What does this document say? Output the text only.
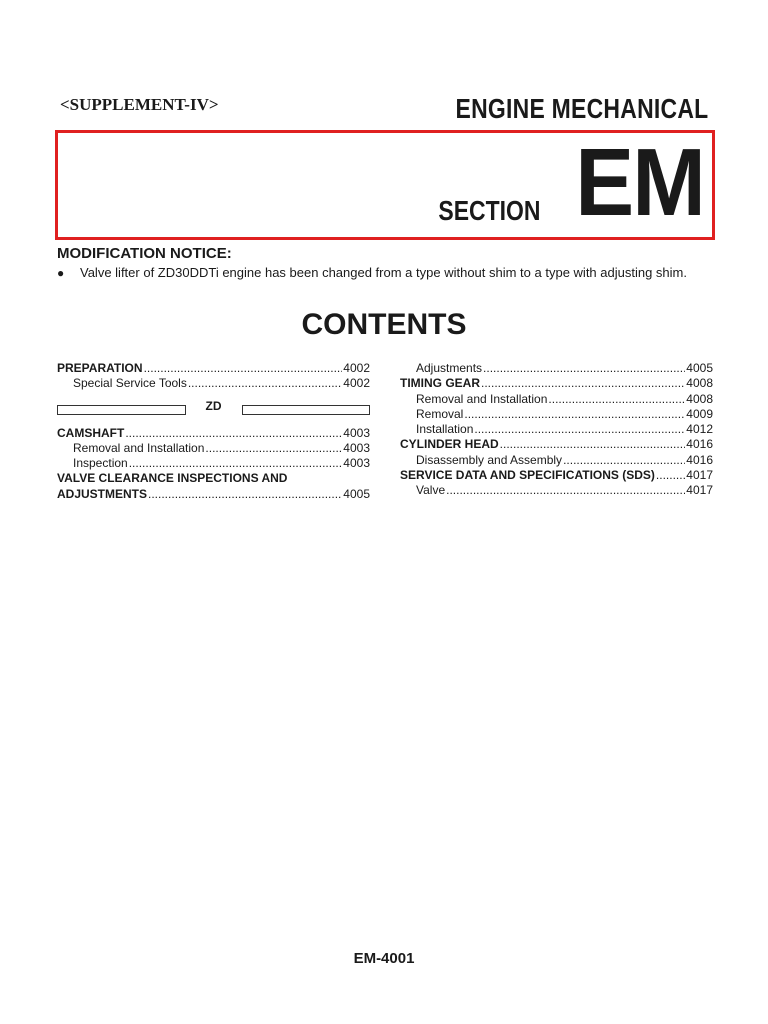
<SUPPLEMENT-IV>	ENGINE MECHANICAL
SECTION EM
MODIFICATION NOTICE:
●	Valve lifter of ZD30DDTi engine has been changed from a type without shim to a type with adjusting shim.
CONTENTS
PREPARATION .....	4002
Special Service Tools .....	4002
ZD
CAMSHAFT .....	4003
Removal and Installation .....	4003
Inspection .....	4003
VALVE CLEARANCE INSPECTIONS AND
ADJUSTMENTS .....	4005
Adjustments .....	4005
TIMING GEAR .....	4008
Removal and Installation .....	4008
Removal .....	4009
Installation .....	4012
CYLINDER HEAD .....	4016
Disassembly and Assembly .....	4016
SERVICE DATA AND SPECIFICATIONS (SDS) .....	4017
Valve .....	4017
EM-4001
